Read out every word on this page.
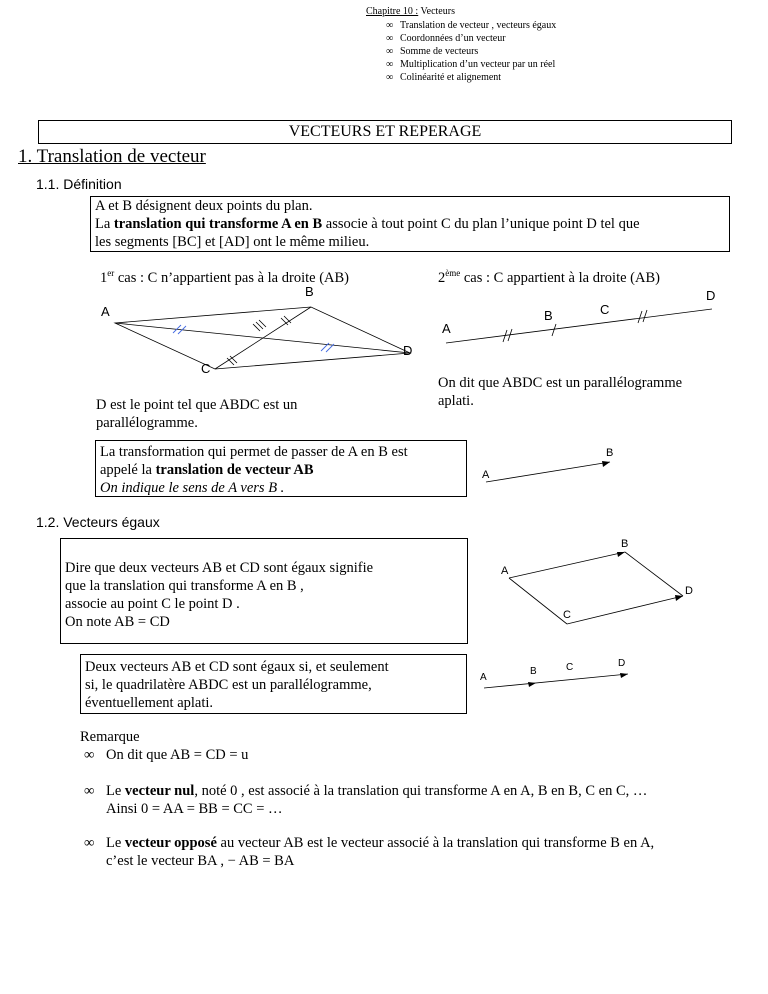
Chapitre 10 : Vecteurs
∞ Translation de vecteur , vecteurs égaux
∞ Coordonnées d’un vecteur
∞ Somme de vecteurs
∞ Multiplication d’un vecteur par un réel
∞ Colinéarité et alignement
VECTEURS ET REPERAGE
1. Translation de vecteur
1.1. Définition
A et B désignent deux points du plan.
La translation qui transforme A en B associe à tout point C du plan l’unique point D tel que
les segments [BC] et [AD] ont le même milieu.
1er cas : C n’appartient pas à la droite (AB)	2ème cas : C appartient à la droite (AB)
A
B
D
C
A
B	C
D
D est le point tel que ABDC est un
parallélogramme.
On dit que ABDC est un parallélogramme
aplati.
La transformation qui permet de passer de A en B est
appelé la translation de vecteur AB
On indique le sens de A vers B .
A
B
1.2. Vecteurs égaux
Dire que deux vecteurs AB et CD sont égaux signifie
que la translation qui transforme A en B ,
associe au point C le point D .
On note AB = CD
A
B
C
D
Deux vecteurs AB et CD sont égaux si, et seulement
si, le quadrilatère ABDC est un parallélogramme,
éventuellement aplati.
A
B	C	D
Remarque
∞ On dit que AB = CD = u
∞ Le vecteur nul, noté 0 , est associé à la translation qui transforme A en A, B en B, C en C, …
Ainsi 0 = AA = BB = CC = …
∞ Le vecteur opposé au vecteur AB est le vecteur associé à la translation qui transforme B en A,
c’est le vecteur BA , − AB = BA
